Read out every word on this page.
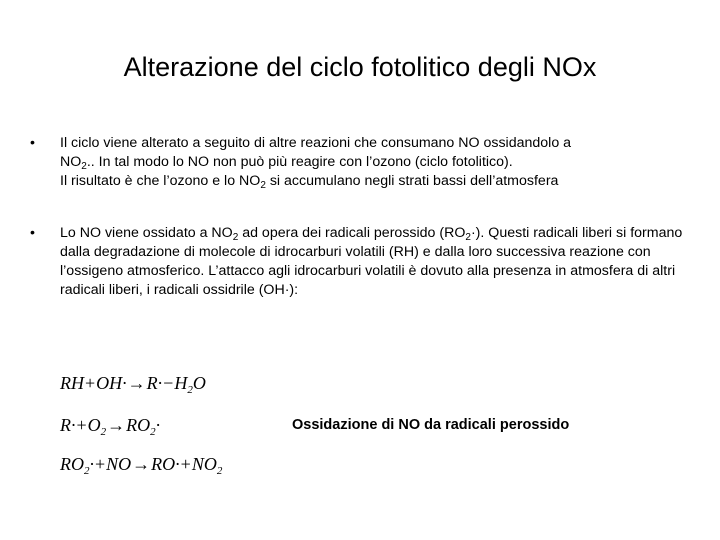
Alterazione del ciclo fotolitico degli NOx
•	Il ciclo viene alterato a seguito di altre reazioni che consumano NO ossidandolo a
$NO_2$.. In tal modo lo NO non può più reagire con l’ozono (ciclo fotolitico).
Il risultato è che l’ozono e lo $NO_2$ si accumulano negli strati bassi dell’atmosfera
•	Lo NO viene ossidato a $NO_2$ ad opera dei radicali perossido $(RO_2\cdot)$. Questi radicali liberi si formano dalla degradazione di molecole di idrocarburi volatili (RH) e dalla loro successiva reazione con l’ossigeno atmosferico. L’attacco agli idrocarburi volatili è dovuto alla presenza in atmosfera di altri radicali liberi, i radicali ossidrile (OH·):
$RH+OH\cdot\to R\cdot-H_2O$
$R\cdot+O_2\to RO_2\cdot$	Ossidazione di NO da radicali perossido
$RO_2\cdot+NO\to RO\cdot+NO_2$
